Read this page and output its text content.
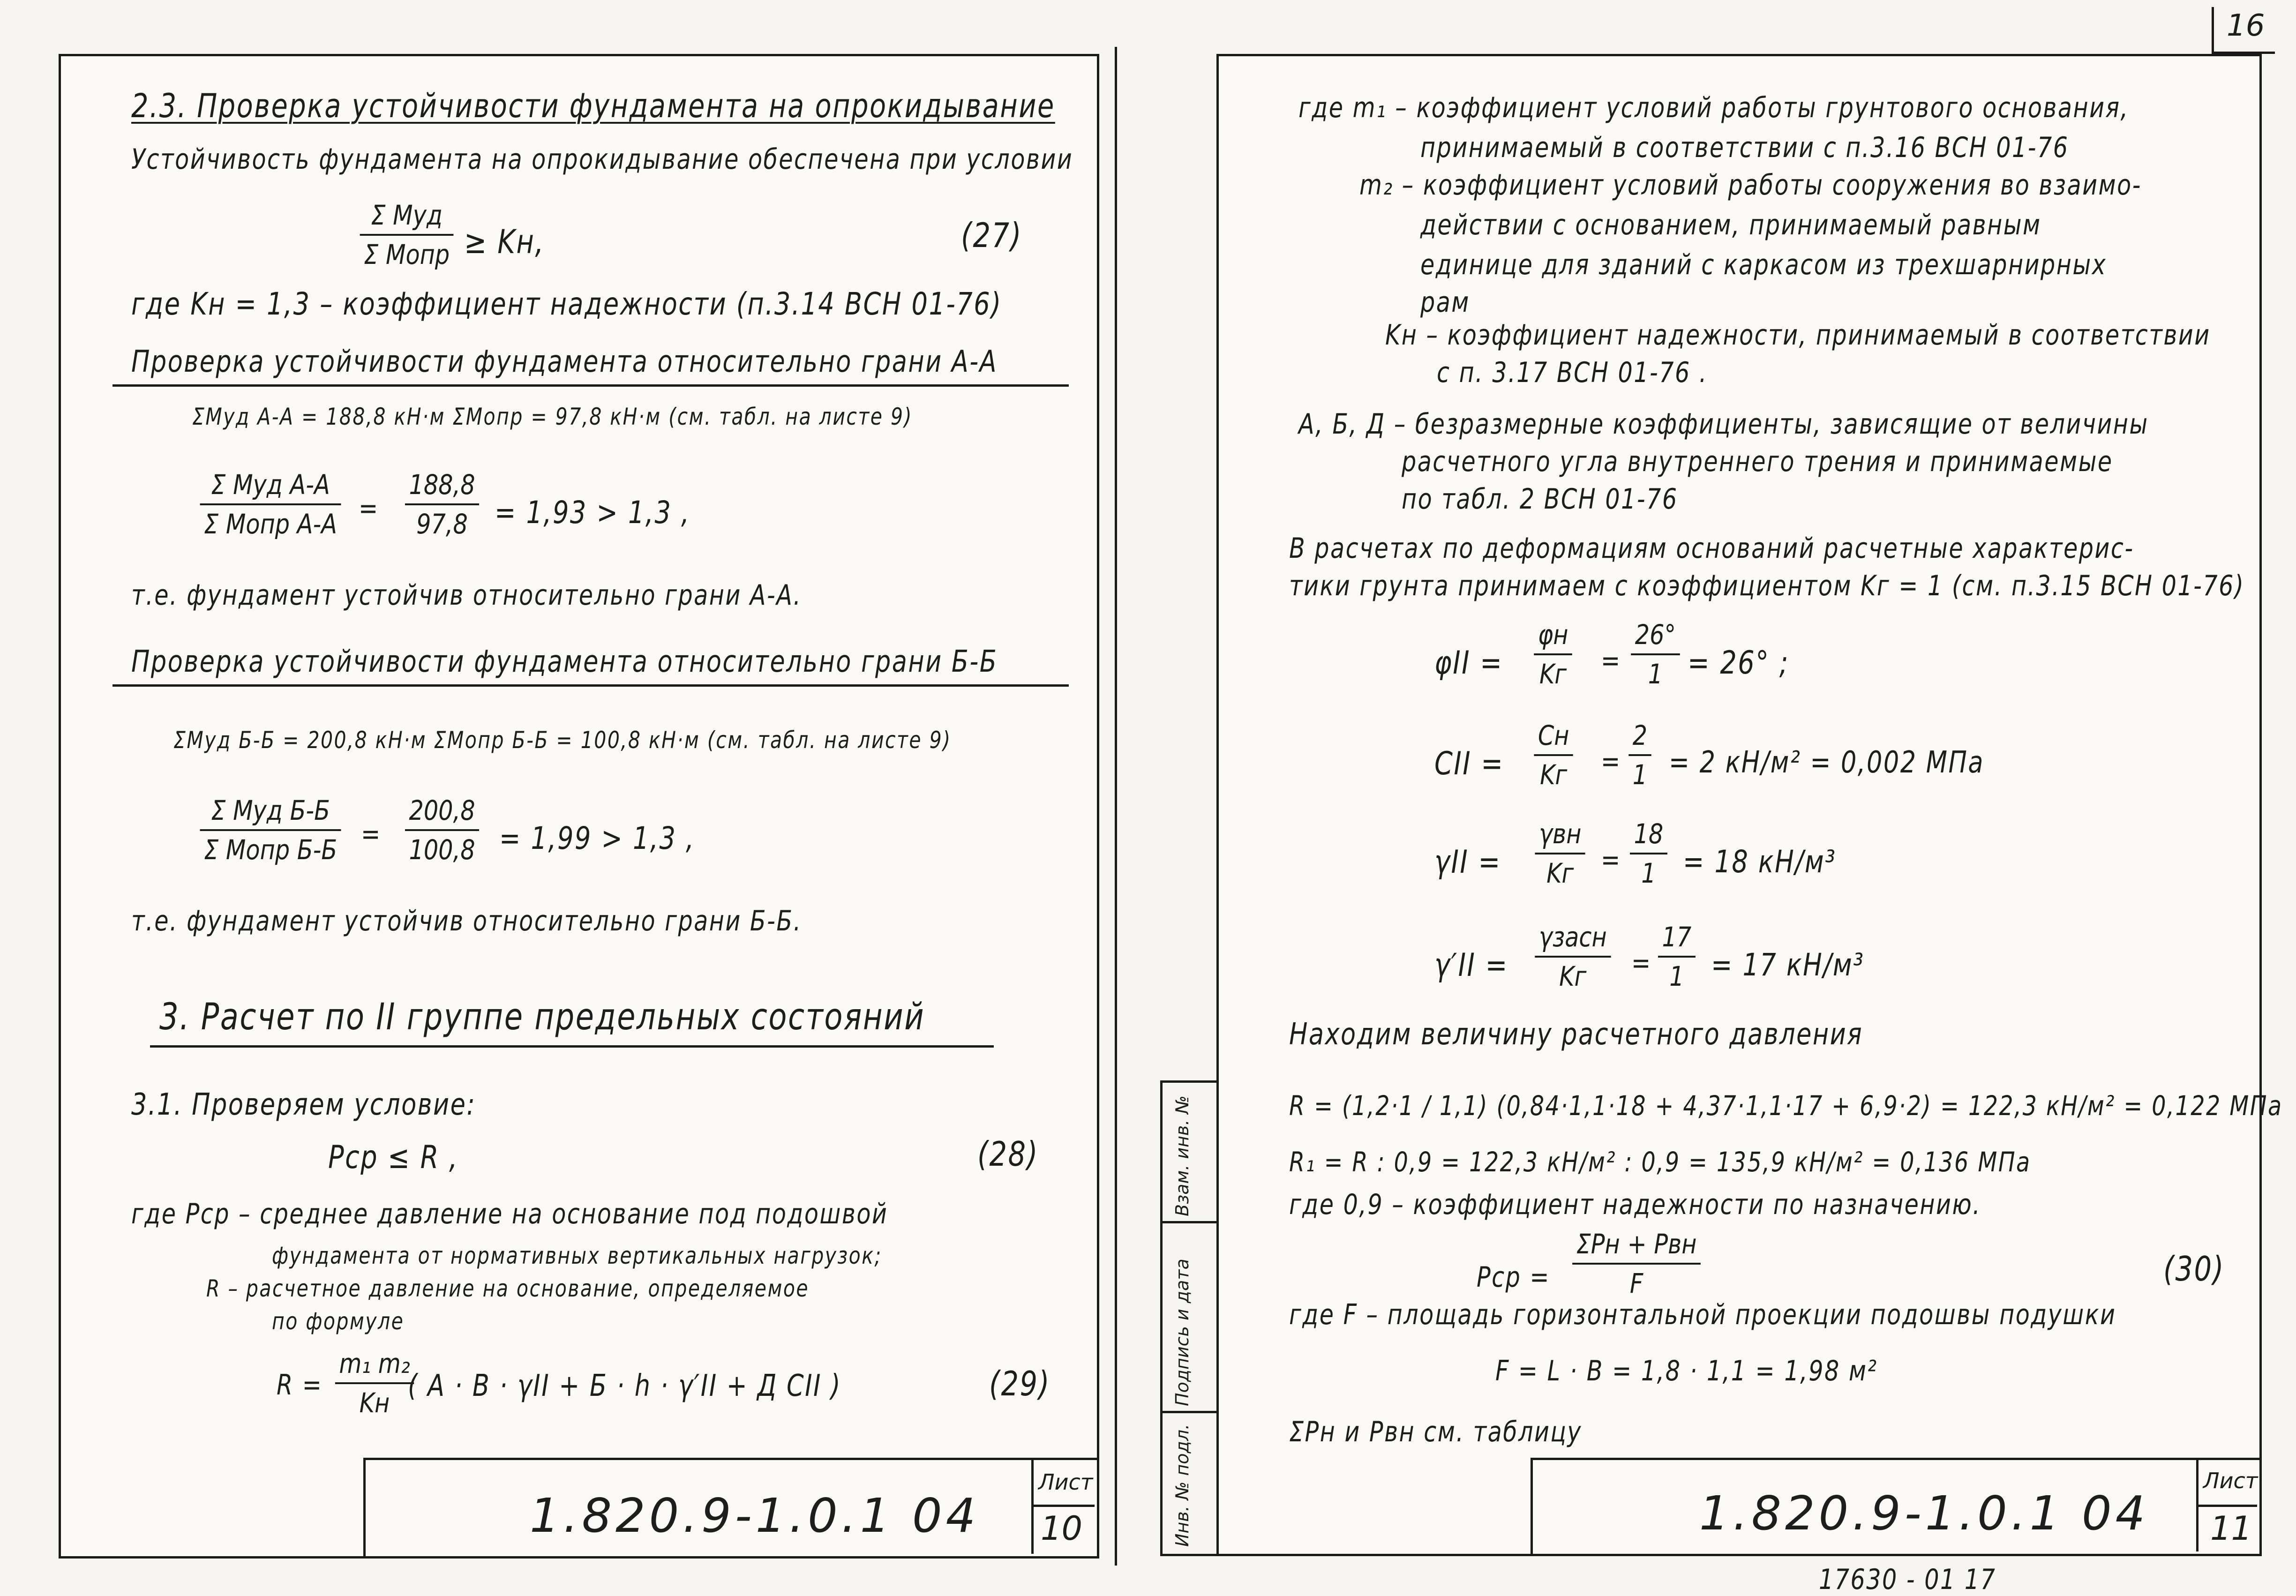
16
2.3. Проверка устойчивости фундамента на опрокидывание
Устойчивость фундамента на опрокидывание обеспечена при условии
Σ Mуд
Σ Mопр ≥ Kн,	(27)
где Kн = 1,3 – коэффициент надежности (п.3.14 ВСН 01-76)
Проверка устойчивости фундамента относительно грани А-А
ΣMуд А-А = 188,8 кН·м ΣMопр = 97,8 кН·м (см. табл. на листе 9)
Σ Mуд А-А
Σ Mопр А-А =
188,8
97,8 = 1,93 > 1,3 ,
т.е. фундамент устойчив относительно грани А-А.
Проверка устойчивости фундамента относительно грани Б-Б
ΣMуд Б-Б = 200,8 кН·м ΣMопр Б-Б = 100,8 кН·м (см. табл. на листе 9)
Σ Mуд Б-Б
Σ Mопр Б-Б =
200,8
100,8 = 1,99 > 1,3 ,
т.е. фундамент устойчив относительно грани Б-Б.
3. Расчет по II группе предельных состояний
3.1. Проверяем условие:
Pср ≤ R ,	(28)
где Pср – среднее давление на основание под подошвой
фундамента от нормативных вертикальных нагрузок;
R – расчетное давление на основание, определяемое
по формуле
R =
m₁ m₂
Kн ( A · B · γII + Б · h · γ′II + Д CII )	(29)
1.820.9-1.0.1 04
Лист
10
где m₁ – коэффициент условий работы грунтового основания,
принимаемый в соответствии с п.3.16 ВСН 01-76
m₂ – коэффициент условий работы сооружения во взаимо-
действии с основанием, принимаемый равным
единице для зданий с каркасом из трехшарнирных
рам
Kн – коэффициент надежности, принимаемый в соответствии
с п. 3.17 ВСН 01-76 .
А, Б, Д – безразмерные коэффициенты, зависящие от величины
расчетного угла внутреннего трения и принимаемые
по табл. 2 ВСН 01-76
В расчетах по деформациям оснований расчетные характерис-
тики грунта принимаем с коэффициентом Kг = 1 (см. п.3.15 ВСН 01-76)
φII =
φн
Kг =
26°
1 = 26° ;
CII =
Cн
Kг =
2
1 = 2 кН/м² = 0,002 МПа
γII =
γвн
Kг =
18
1 = 18 кН/м³
γ′II =
γзасн
Kг	=
17
1 = 17 кН/м³
Находим величину расчетного давления
R = (1,2·1 / 1,1) (0,84·1,1·18 + 4,37·1,1·17 + 6,9·2) = 122,3 кН/м² = 0,122 МПа
R₁ = R : 0,9 = 122,3 кН/м² : 0,9 = 135,9 кН/м² = 0,136 МПа
где 0,9 – коэффициент надежности по назначению.
Pср =
ΣPн + Pвн
F	(30)
где F – площадь горизонтальной проекции подошвы подушки
F = L · B = 1,8 · 1,1 = 1,98 м²
ΣPн и Pвн см. таблицу
1.820.9-1.0.1 04
Лист
11
Инв. № подл.
Подпись и дата
Взам. инв. №
17630 - 01 17
